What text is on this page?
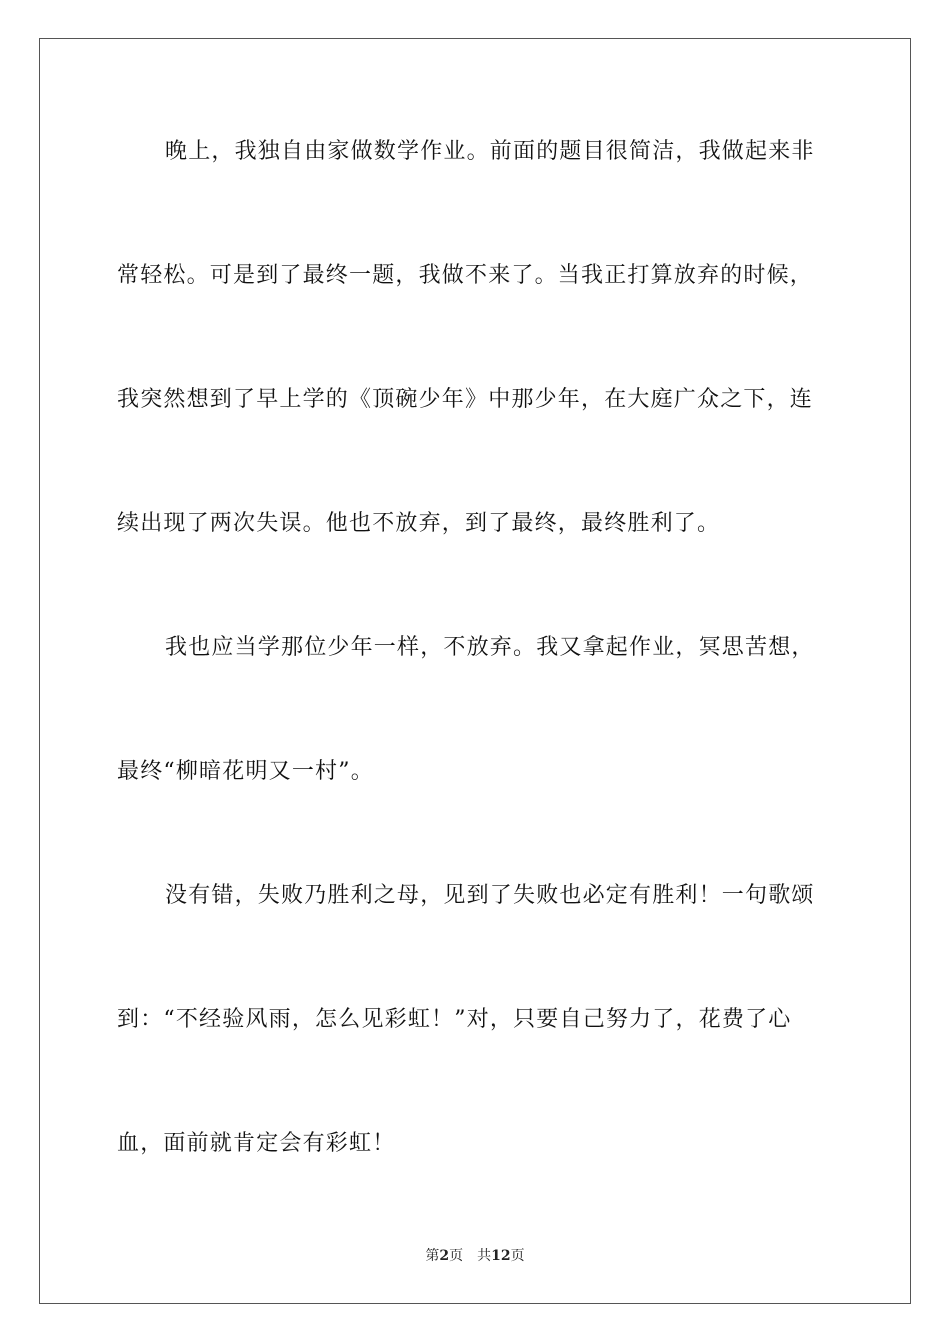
晚上，我独自由家做数学作业。前面的题目很简洁，我做起来非
常轻松。可是到了最终一题，我做不来了。当我正打算放弃的时候，
我突然想到了早上学的《顶碗少年》中那少年，在大庭广众之下，连
续出现了两次失误。他也不放弃，到了最终，最终胜利了。
我也应当学那位少年一样，不放弃。我又拿起作业，冥思苦想，
最终“柳暗花明又一村”。
没有错，失败乃胜利之母，见到了失败也必定有胜利！一句歌颂
到：“不经验风雨，怎么见彩虹！”对，只要自己努力了，花费了心
血，面前就肯定会有彩虹！
第2页 共12页
